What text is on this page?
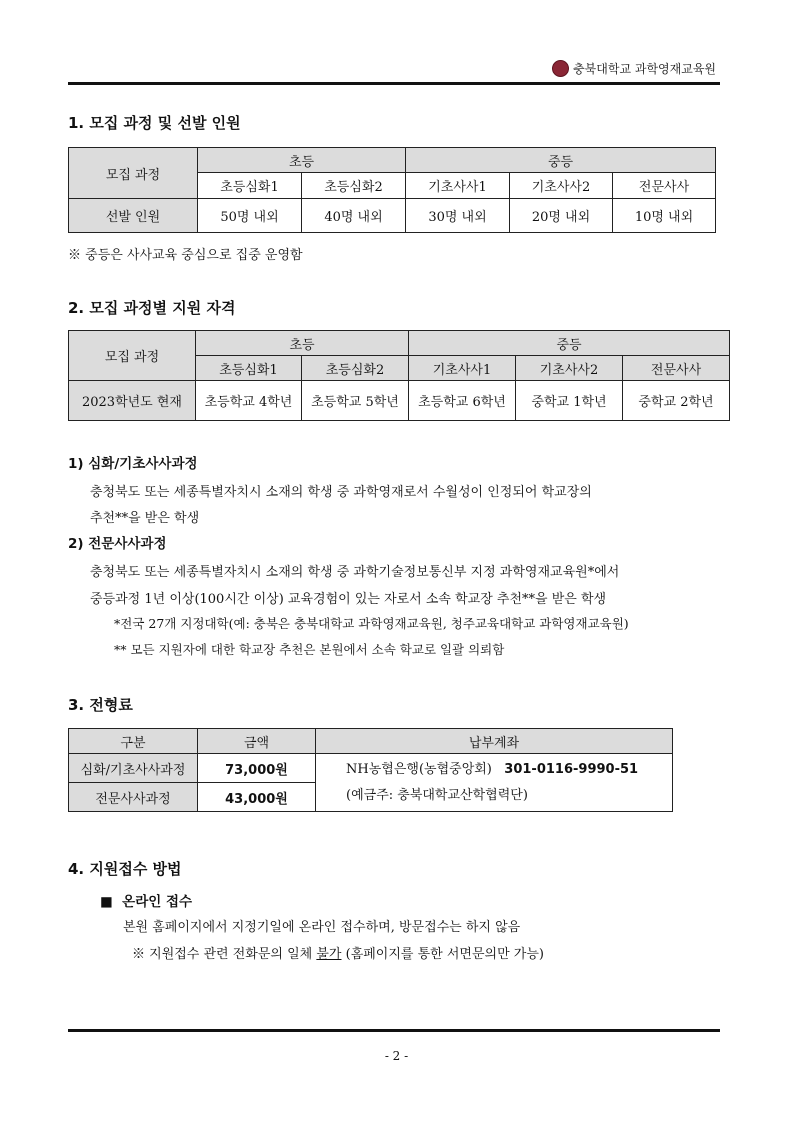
충북대학교 과학영재교육원
1. 모집 과정 및 선발 인원
모집 과정	초등		중등		
	초등심화1	초등심화2	기초사사1	기초사사2	전문사사
선발 인원	50명 내외	40명 내외	30명 내외	20명 내외	10명 내외
※ 중등은 사사교육 중심으로 집중 운영함
2. 모집 과정별 지원 자격
모집 과정	초등		중등		
	초등심화1	초등심화2	기초사사1	기초사사2	전문사사
2023학년도 현재	초등학교 4학년	초등학교 5학년	초등학교 6학년	중학교 1학년	중학교 2학년
1) 심화/기초사사과정
충청북도 또는 세종특별자치시 소재의 학생 중 과학영재로서 수월성이 인정되어 학교장의
추천**을 받은 학생
2) 전문사사과정
충청북도 또는 세종특별자치시 소재의 학생 중 과학기술정보통신부 지정 과학영재교육원*에서
중등과정 1년 이상(100시간 이상) 교육경험이 있는 자로서 소속 학교장 추천**을 받은 학생
*전국 27개 지정대학(예: 충북은 충북대학교 과학영재교육원, 청주교육대학교 과학영재교육원)
** 모든 지원자에 대한 학교장 추천은 본원에서 소속 학교로 일괄 의뢰함
3. 전형료
구분	금액	납부계좌
심화/기초사사과정	73,000원	NH농협은행(농협중앙회) 301-0116-9990-51
(예금주: 충북대학교산학협력단)

전문사사과정	43,000원	
4. 지원접수 방법
■ 온라인 접수
본원 홈페이지에서 지정기일에 온라인 접수하며, 방문접수는 하지 않음
※ 지원접수 관련 전화문의 일체 불가 (홈페이지를 통한 서면문의만 가능)
- 2 -
